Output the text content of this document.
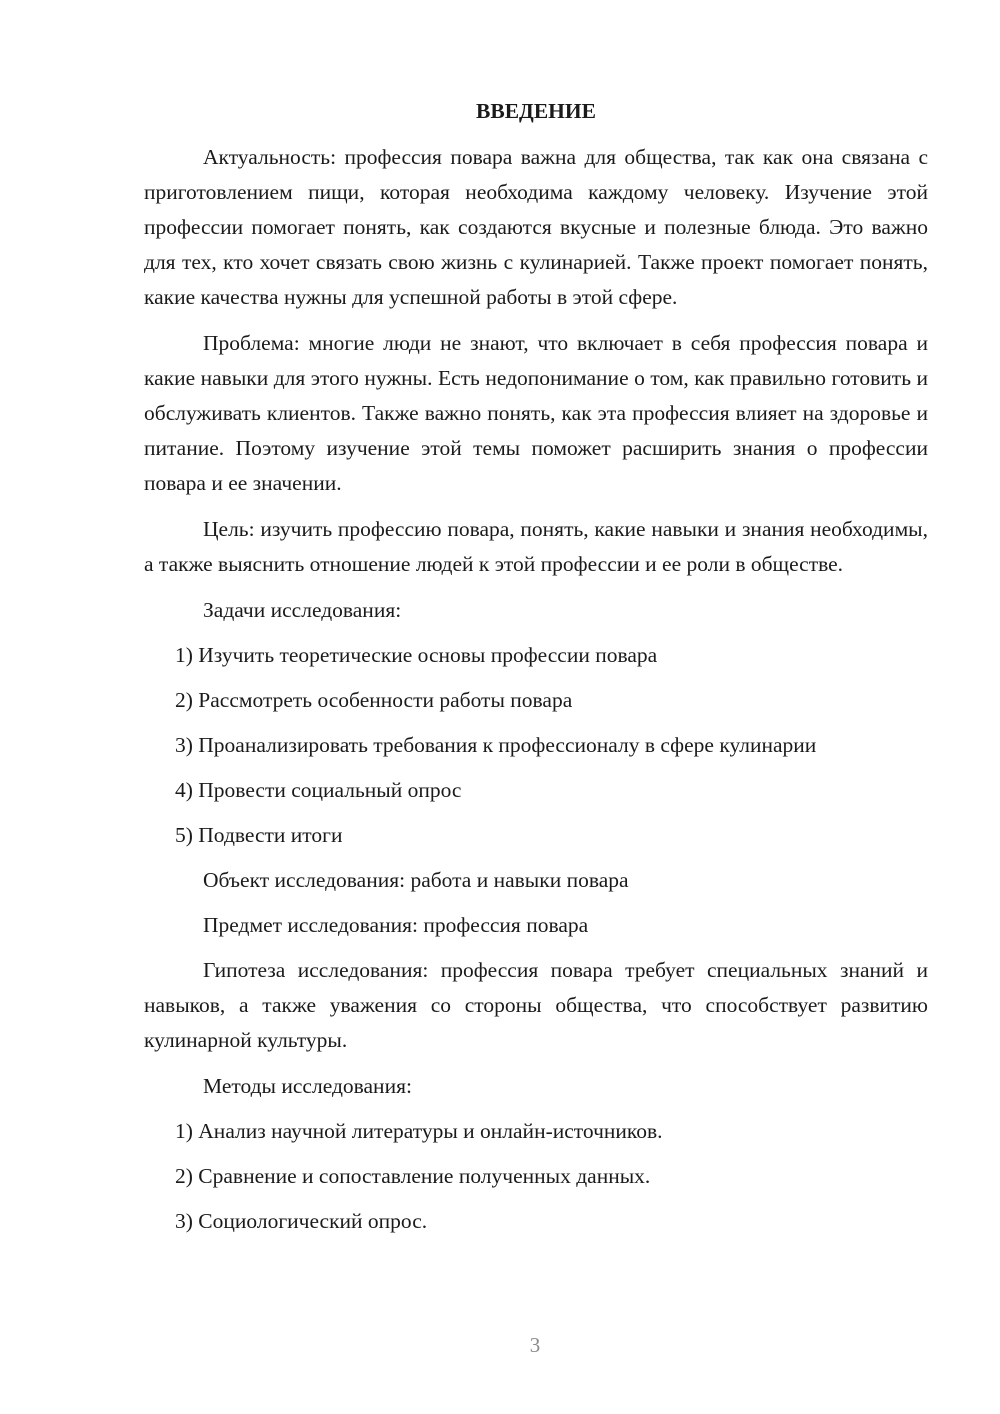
ВВЕДЕНИЕ

Актуальность: профессия повара важна для общества, так как она связана с приготовлением пищи, которая необходима каждому человеку. Изучение этой профессии помогает понять, как создаются вкусные и полезные блюда. Это важно для тех, кто хочет связать свою жизнь с кулинарией. Также проект помогает понять, какие качества нужны для успешной работы в этой сфере.

Проблема: многие люди не знают, что включает в себя профессия повара и какие навыки для этого нужны. Есть недопонимание о том, как правильно готовить и обслуживать клиентов. Также важно понять, как эта профессия влияет на здоровье и питание. Поэтому изучение этой темы поможет расширить знания о профессии повара и ее значении.

Цель: изучить профессию повара, понять, какие навыки и знания необходимы, а также выяснить отношение людей к этой профессии и ее роли в обществе.

Задачи исследования:

1) Изучить теоретические основы профессии повара

2) Рассмотреть особенности работы повара

3) Проанализировать требования к профессионалу в сфере кулинарии

4) Провести социальный опрос

5) Подвести итоги

Объект исследования: работа и навыки повара

Предмет исследования: профессия повара

Гипотеза исследования: профессия повара требует специальных знаний и навыков, а также уважения со стороны общества, что способствует развитию кулинарной культуры.

Методы исследования:

1) Анализ научной литературы и онлайн-источников.

2) Сравнение и сопоставление полученных данных.

3) Социологический опрос.

3
